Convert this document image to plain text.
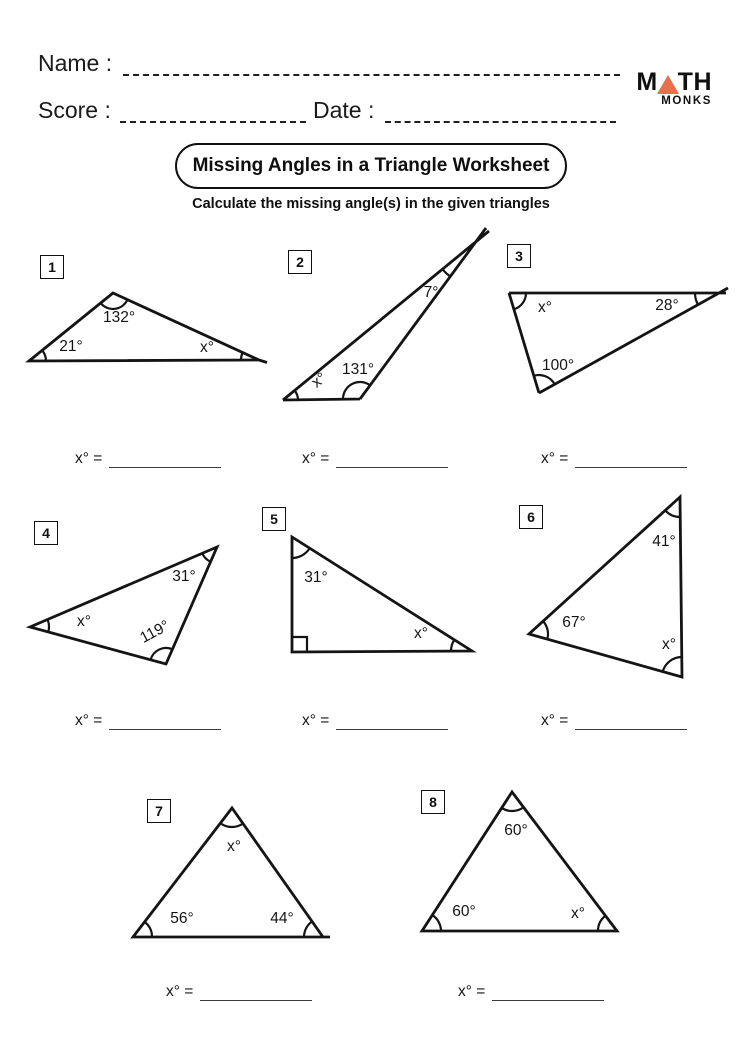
Name :
Score :	Date :
M TH
MONKS
Missing Angles in a Triangle Worksheet
Calculate the missing angle(s) in the given triangles
1	2	3
4
5	6
7
8
132°
21°	x°
7°
x° 131°
x°	28°
100°
x°
31°
119°
31°
x°
41°
67°
x°
x°
56°	44°
60°
60°	x°
x° =	x° =	x° =
x° =	x° =	x° =
x° =	x° =
